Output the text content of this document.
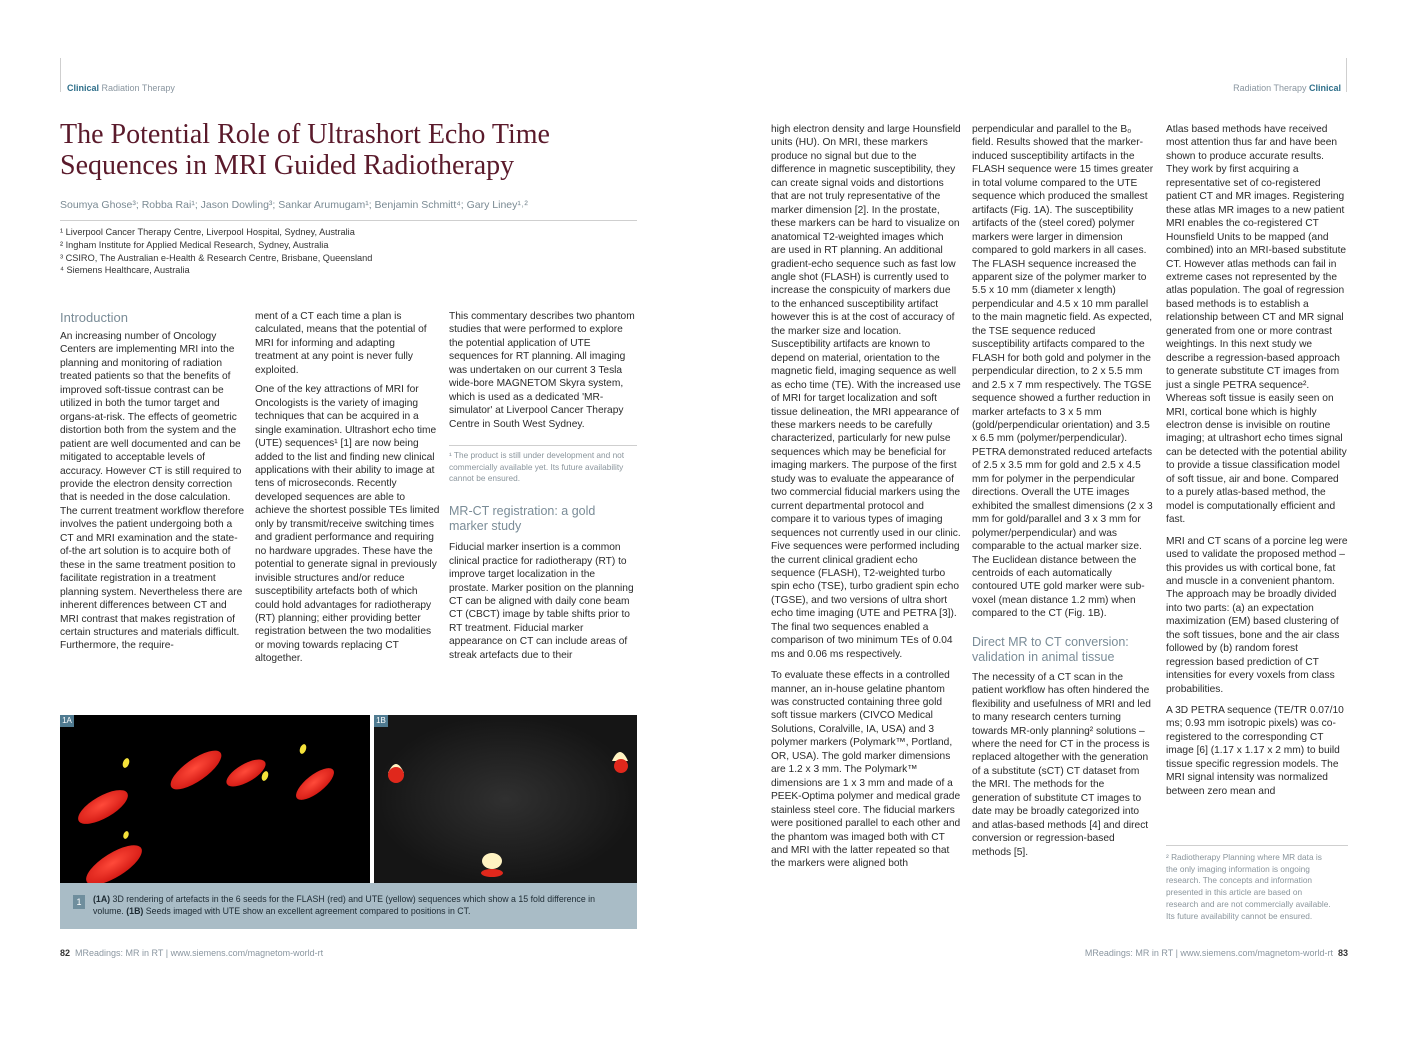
Clinical Radiation Therapy
The Potential Role of Ultrashort Echo Time
Sequences in MRI Guided Radiotherapy
Soumya Ghose³; Robba Rai¹; Jason Dowling³; Sankar Arumugam¹; Benjamin Schmitt⁴; Gary Liney¹˒²
¹ Liverpool Cancer Therapy Centre, Liverpool Hospital, Sydney, Australia
² Ingham Institute for Applied Medical Research, Sydney, Australia
³ CSIRO, The Australian e-Health & Research Centre, Brisbane, Queensland
⁴ Siemens Healthcare, Australia
Introduction
An increasing number of Oncology Centers are implementing MRI into the planning and monitoring of radiation treated patients so that the benefits of improved soft-tissue contrast can be utilized in both the tumor target and organs-at-risk. The effects of geometric distortion both from the system and the patient are well documented and can be mitigated to acceptable levels of accuracy. However CT is still required to provide the electron density correction that is needed in the dose calculation. The current treatment workflow therefore involves the patient undergoing both a CT and MRI examination and the state-of-the art solution is to acquire both of these in the same treatment position to facilitate registration in a treatment planning system. Nevertheless there are inherent differences between CT and MRI contrast that makes registration of certain structures and materials difficult. Furthermore, the require-

ment of a CT each time a plan is calculated, means that the potential of MRI for informing and adapting treatment at any point is never fully exploited.

One of the key attractions of MRI for Oncologists is the variety of imaging techniques that can be acquired in a single examination. Ultrashort echo time (UTE) sequences¹ [1] are now being added to the list and finding new clinical applications with their ability to image at tens of microseconds. Recently developed sequences are able to achieve the shortest possible TEs limited only by transmit/receive switching times and gradient performance and requiring no hardware upgrades. These have the potential to generate signal in previously invisible structures and/or reduce susceptibility artefacts both of which could hold advantages for radiotherapy (RT) planning; either providing better registration between the two modalities or moving towards replacing CT altogether.

This commentary describes two phantom studies that were performed to explore the potential application of UTE sequences for RT planning. All imaging was undertaken on our current 3 Tesla wide-bore MAGNETOM Skyra system, which is used as a dedicated 'MR-simulator' at Liverpool Cancer Therapy Centre in South West Sydney.
¹ The product is still under development and not commercially available yet. Its future availability cannot be ensured.
MR-CT registration: a gold marker study
Fiducial marker insertion is a common clinical practice for radiotherapy (RT) to improve target localization in the prostate. Marker position on the planning CT can be aligned with daily cone beam CT (CBCT) image by table shifts prior to RT treatment. Fiducial marker appearance on CT can include areas of streak artefacts due to their
1A	1B
1	(1A) 3D rendering of artefacts in the 6 seeds for the FLASH (red) and UTE (yellow) sequences which show a 15 fold difference in volume. (1B) Seeds imaged with UTE show an excellent agreement compared to positions in CT.
82 MReadings: MR in RT | www.siemens.com/magnetom-world-rt
Radiation Therapy Clinical

high electron density and large Hounsfield units (HU). On MRI, these markers produce no signal but due to the difference in magnetic susceptibility, they can create signal voids and distortions that are not truly representative of the marker dimension [2]. In the prostate, these markers can be hard to visualize on anatomical T2-weighted images which are used in RT planning. An additional gradient-echo sequence such as fast low angle shot (FLASH) is currently used to increase the conspicuity of markers due to the enhanced susceptibility artifact however this is at the cost of accuracy of the marker size and location. Susceptibility artifacts are known to depend on material, orientation to the magnetic field, imaging sequence as well as echo time (TE). With the increased use of MRI for target localization and soft tissue delineation, the MRI appearance of these markers needs to be carefully characterized, particularly for new pulse sequences which may be beneficial for imaging markers. The purpose of the first study was to evaluate the appearance of two commercial fiducial markers using the current departmental protocol and compare it to various types of imaging sequences not currently used in our clinic. Five sequences were performed including the current clinical gradient echo sequence (FLASH), T2-weighted turbo spin echo (TSE), turbo gradient spin echo (TGSE), and two versions of ultra short echo time imaging (UTE and PETRA [3]). The final two sequences enabled a comparison of two minimum TEs of 0.04 ms and 0.06 ms respectively.

To evaluate these effects in a controlled manner, an in-house gelatine phantom was constructed containing three gold soft tissue markers (CIVCO Medical Solutions, Coralville, IA, USA) and 3 polymer markers (Polymark™, Portland, OR, USA). The gold marker dimensions are 1.2 x 3 mm. The Polymark™ dimensions are 1 x 3 mm and made of a PEEK-Optima polymer and medical grade stainless steel core. The fiducial markers were positioned parallel to each other and the phantom was imaged both with CT and MRI with the latter repeated so that the markers were aligned both

perpendicular and parallel to the B₀ field. Results showed that the marker-induced susceptibility artifacts in the FLASH sequence were 15 times greater in total volume compared to the UTE sequence which produced the smallest artifacts (Fig. 1A). The susceptibility artifacts of the (steel cored) polymer markers were larger in dimension compared to gold markers in all cases. The FLASH sequence increased the apparent size of the polymer marker to 5.5 x 10 mm (diameter x length) perpendicular and 4.5 x 10 mm parallel to the main magnetic field. As expected, the TSE sequence reduced susceptibility artifacts compared to the FLASH for both gold and polymer in the perpendicular direction, to 2 x 5.5 mm and 2.5 x 7 mm respectively. The TGSE sequence showed a further reduction in marker artefacts to 3 x 5 mm (gold/perpendicular orientation) and 3.5 x 6.5 mm (polymer/perpendicular). PETRA demonstrated reduced artefacts of 2.5 x 3.5 mm for gold and 2.5 x 4.5 mm for polymer in the perpendicular directions. Overall the UTE images exhibited the smallest dimensions (2 x 3 mm for gold/parallel and 3 x 3 mm for polymer/perpendicular) and was comparable to the actual marker size. The Euclidean distance between the centroids of each automatically contoured UTE gold marker were sub-voxel (mean distance 1.2 mm) when compared to the CT (Fig. 1B).
Direct MR to CT conversion: validation in animal tissue
The necessity of a CT scan in the patient workflow has often hindered the flexibility and usefulness of MRI and led to many research centers turning towards MR-only planning² solutions – where the need for CT in the process is replaced altogether with the generation of a substitute (sCT) CT dataset from the MRI. The methods for the generation of substitute CT images to date may be broadly categorized into and atlas-based methods [4] and direct conversion or regression-based methods [5].
Atlas based methods have received most attention thus far and have been shown to produce accurate results. They work by first acquiring a representative set of co-registered patient CT and MR images. Registering these atlas MR images to a new patient MRI enables the co-registered CT Hounsfield Units to be mapped (and combined) into an MRI-based substitute CT. However atlas methods can fail in extreme cases not represented by the atlas population. The goal of regression based methods is to establish a relationship between CT and MR signal generated from one or more contrast weightings. In this next study we describe a regression-based approach to generate substitute CT images from just a single PETRA sequence². Whereas soft tissue is easily seen on MRI, cortical bone which is highly electron dense is invisible on routine imaging; at ultrashort echo times signal can be detected with the potential ability to provide a tissue classification model of soft tissue, air and bone. Compared to a purely atlas-based method, the model is computationally efficient and fast.
MRI and CT scans of a porcine leg were used to validate the proposed method – this provides us with cortical bone, fat and muscle in a convenient phantom. The approach may be broadly divided into two parts: (a) an expectation maximization (EM) based clustering of the soft tissues, bone and the air class followed by (b) random forest regression based prediction of CT intensities for every voxels from class probabilities.
A 3D PETRA sequence (TE/TR 0.07/10 ms; 0.93 mm isotropic pixels) was co-registered to the corresponding CT image [6] (1.17 x 1.17 x 2 mm) to build tissue specific regression models. The MRI signal intensity was normalized between zero mean and
² Radiotherapy Planning where MR data is the only imaging information is ongoing research. The concepts and information presented in this article are based on research and are not commercially available. Its future availability cannot be ensured.
MReadings: MR in RT | www.siemens.com/magnetom-world-rt 83
